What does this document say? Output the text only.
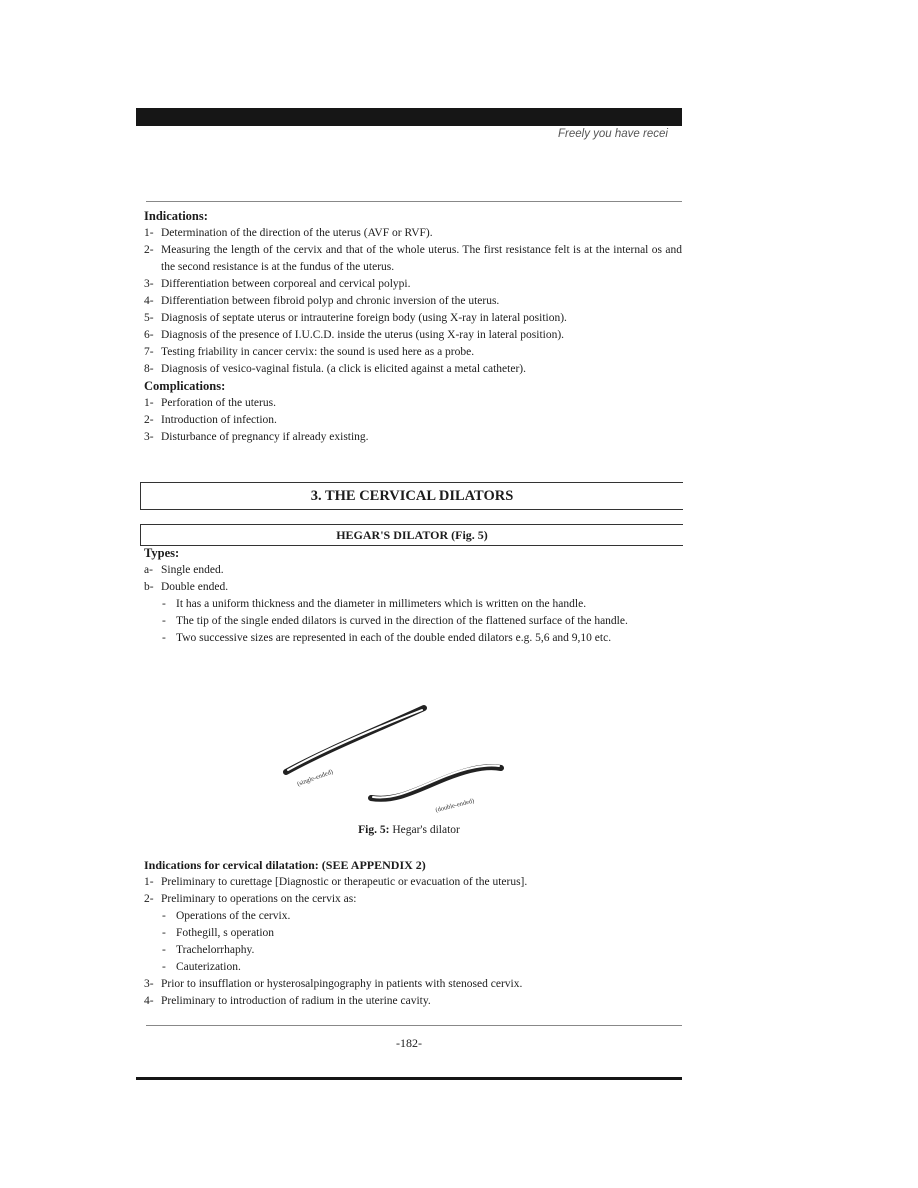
Freely you have recei
Indications:
1- Determination of the direction of the uterus (AVF or RVF).
2- Measuring the length of the cervix and that of the whole uterus. The first resistance felt is at the internal os and the second resistance is at the fundus of the uterus.
3- Differentiation between corporeal and cervical polypi.
4- Differentiation between fibroid polyp and chronic inversion of the uterus.
5- Diagnosis of septate uterus or intrauterine foreign body (using X-ray in lateral position).
6- Diagnosis of the presence of I.U.C.D. inside the uterus (using X-ray in lateral position).
7- Testing friability in cancer cervix: the sound is used here as a probe.
8- Diagnosis of vesico-vaginal fistula. (a click is elicited against a metal catheter).
Complications:
1- Perforation of the uterus.
2- Introduction of infection.
3- Disturbance of pregnancy if already existing.
3. THE CERVICAL DILATORS
HEGAR'S DILATOR (Fig. 5)
Types:
a- Single ended.
b- Double ended.
- It has a uniform thickness and the diameter in millimeters which is written on the handle.
- The tip of the single ended dilators is curved in the direction of the flattened surface of the handle.
- Two successive sizes are represented in each of the double ended dilators e.g. 5,6 and 9,10 etc.
(single-ended)
(double-ended)
Fig. 5: Hegar's dilator
Indications for cervical dilatation: (SEE APPENDIX 2)
1- Preliminary to curettage [Diagnostic or therapeutic or evacuation of the uterus].
2- Preliminary to operations on the cervix as:
- Operations of the cervix.
- Fothegill, s operation
- Trachelorrhaphy.
- Cauterization.
3- Prior to insufflation or hysterosalpingography in patients with stenosed cervix.
4- Preliminary to introduction of radium in the uterine cavity.
-182-
